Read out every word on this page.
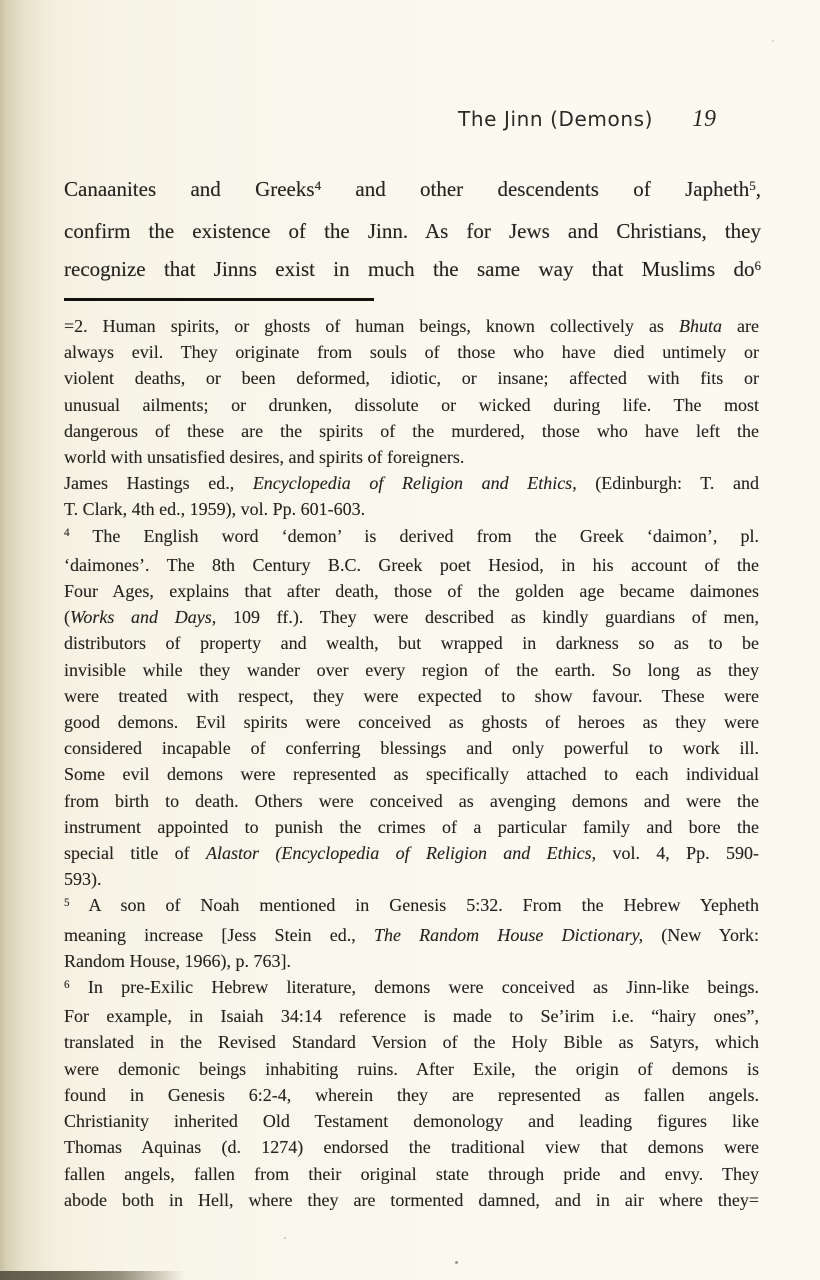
The Jinn (Demons) 19
Canaanites and Greeks$^4$ and other descendents of Japheth$^5$,
confirm the existence of the Jinn. As for Jews and Christians, they
recognize that Jinns exist in much the same way that Muslims $do^6$
=2. Human spirits, or ghosts of human beings, known collectively as Bhuta are
always evil. They originate from souls of those who have died untimely or
violent deaths, or been deformed, idiotic, or insane; affected with fits or
unusual ailments; or drunken, dissolute or wicked during life. The most
dangerous of these are the spirits of the murdered, those who have left the
world with unsatisfied desires, and spirits of foreigners.
James Hastings ed., Encyclopedia of Religion and Ethics, (Edinburgh: T. and
T. Clark, 4th ed., 1959), vol. Pp. 601-603.
$^4$ The English word ‘demon’ is derived from the Greek ‘daimon’, pl.
‘daimones’. The 8th Century B.C. Greek poet Hesiod, in his account of the
Four Ages, explains that after death, those of the golden age became daimones
(Works and Days, 109 ff.). They were described as kindly guardians of men,
distributors of property and wealth, but wrapped in darkness so as to be
invisible while they wander over every region of the earth. So long as they
were treated with respect, they were expected to show favour. These were
good demons. Evil spirits were conceived as ghosts of heroes as they were
considered incapable of conferring blessings and only powerful to work ill.
Some evil demons were represented as specifically attached to each individual
from birth to death. Others were conceived as avenging demons and were the
instrument appointed to punish the crimes of a particular family and bore the
special title of Alastor (Encyclopedia of Religion and Ethics, vol. 4, Pp. 590-
593).
$^5$ A son of Noah mentioned in Genesis 5:32. From the Hebrew Yepheth
meaning increase [Jess Stein ed., The Random House Dictionary, (New York:
Random House, 1966), p. 763].
$^6$ In pre-Exilic Hebrew literature, demons were conceived as Jinn-like beings.
For example, in Isaiah 34:14 reference is made to Se’irim i.e. “hairy ones”,
translated in the Revised Standard Version of the Holy Bible as Satyrs, which
were demonic beings inhabiting ruins. After Exile, the origin of demons is
found in Genesis 6:2-4, wherein they are represented as fallen angels.
Christianity inherited Old Testament demonology and leading figures like
Thomas Aquinas (d. 1274) endorsed the traditional view that demons were
fallen angels, fallen from their original state through pride and envy. They
abode both in Hell, where they are tormented damned, and in air where they=
